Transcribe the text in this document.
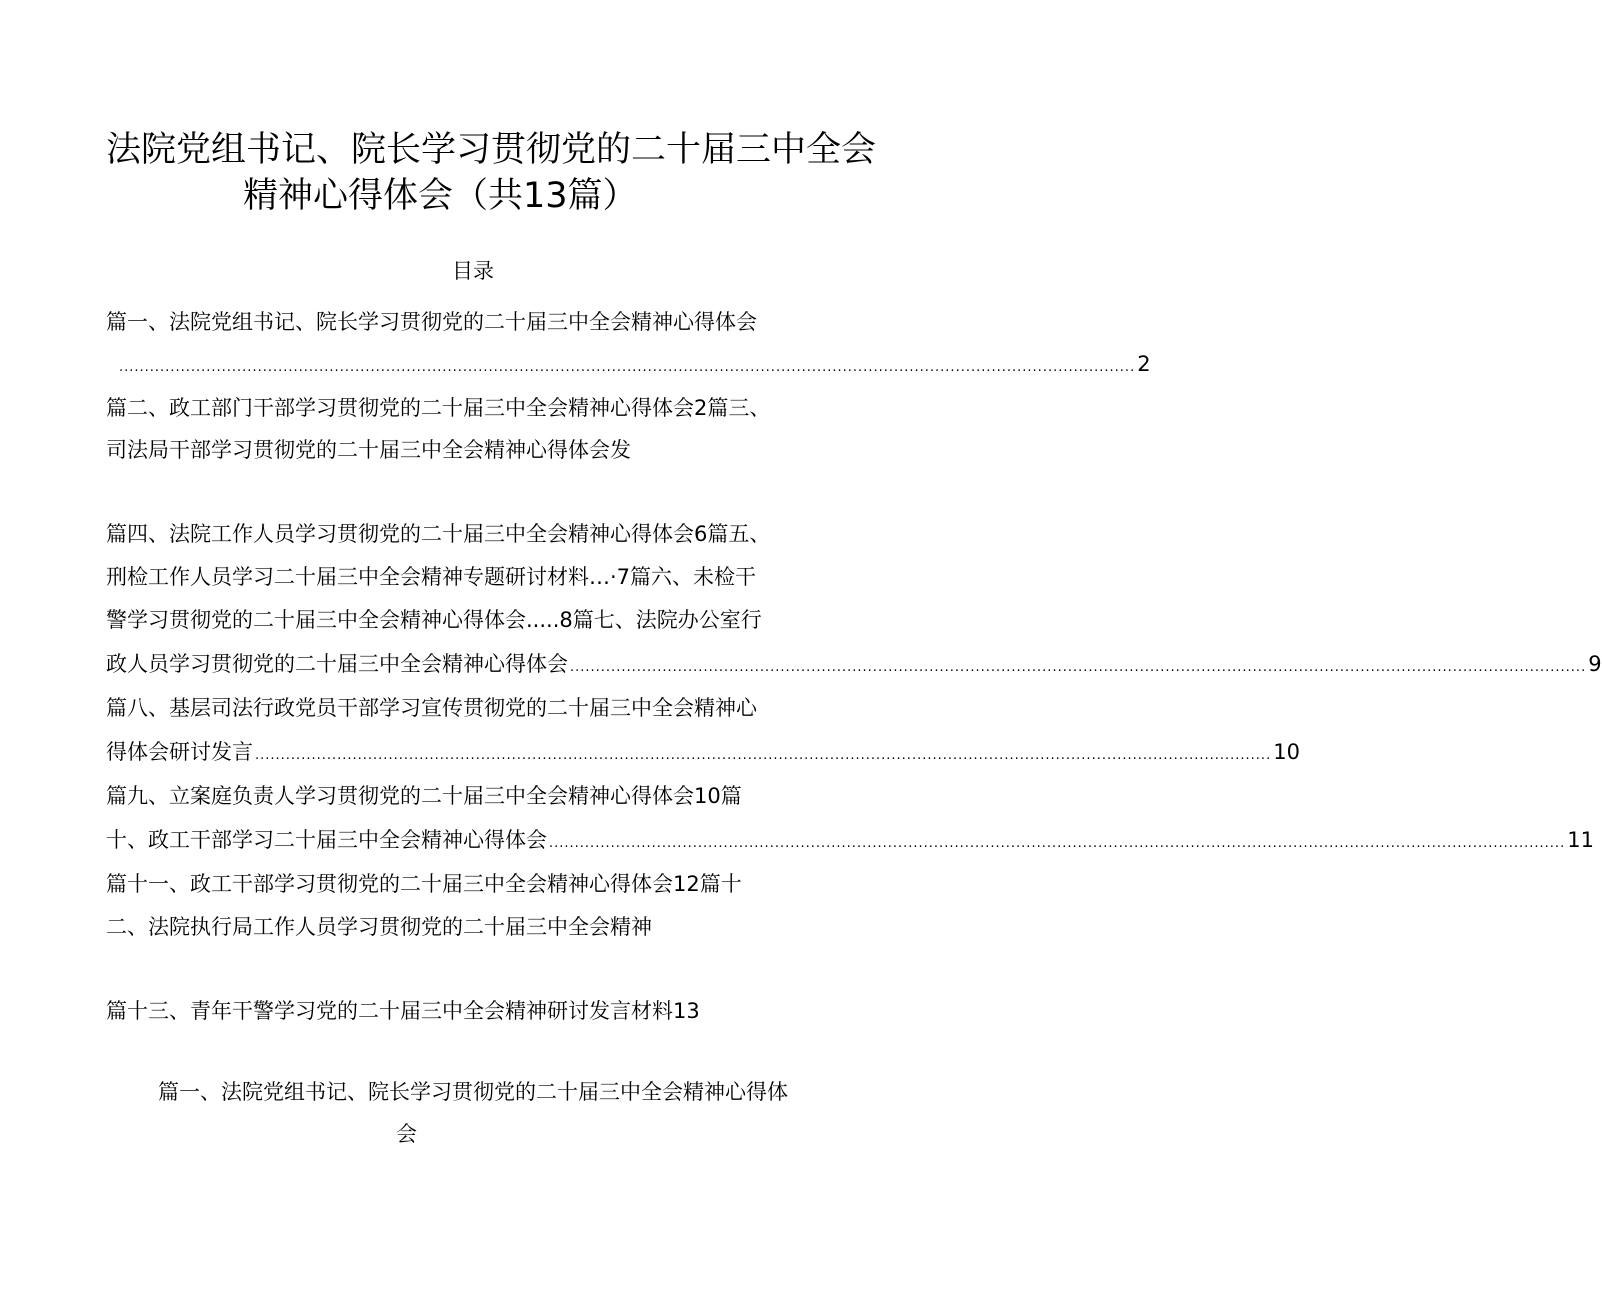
法院党组书记、院长学习贯彻党的二十届三中全会
精神心得体会（共13篇）
目录
篇一、法院党组书记、院长学习贯彻党的二十届三中全会精神心得体会
...................................................................................................................................................................................................... 2
篇二、政工部门干部学习贯彻党的二十届三中全会精神心得体会2篇三、
司法局干部学习贯彻党的二十届三中全会精神心得体会发
篇四、法院工作人员学习贯彻党的二十届三中全会精神心得体会6篇五、
刑检工作人员学习二十届三中全会精神专题研讨材料…·7篇六、未检干
警学习贯彻党的二十届三中全会精神心得体会.....8篇七、法院办公室行
政人员学习贯彻党的二十届三中全会精神心得体会 ...................................................................................................................................................................................................... 9
篇八、基层司法行政党员干部学习宣传贯彻党的二十届三中全会精神心
得体会研讨发言 ...................................................................................................................................................................................................... 10
篇九、立案庭负责人学习贯彻党的二十届三中全会精神心得体会10篇
十、政工干部学习二十届三中全会精神心得体会 ...................................................................................................................................................................................................... 11
篇十一、政工干部学习贯彻党的二十届三中全会精神心得体会12篇十
二、法院执行局工作人员学习贯彻党的二十届三中全会精神
篇十三、青年干警学习党的二十届三中全会精神研讨发言材料13
篇一、法院党组书记、院长学习贯彻党的二十届三中全会精神心得体
会
